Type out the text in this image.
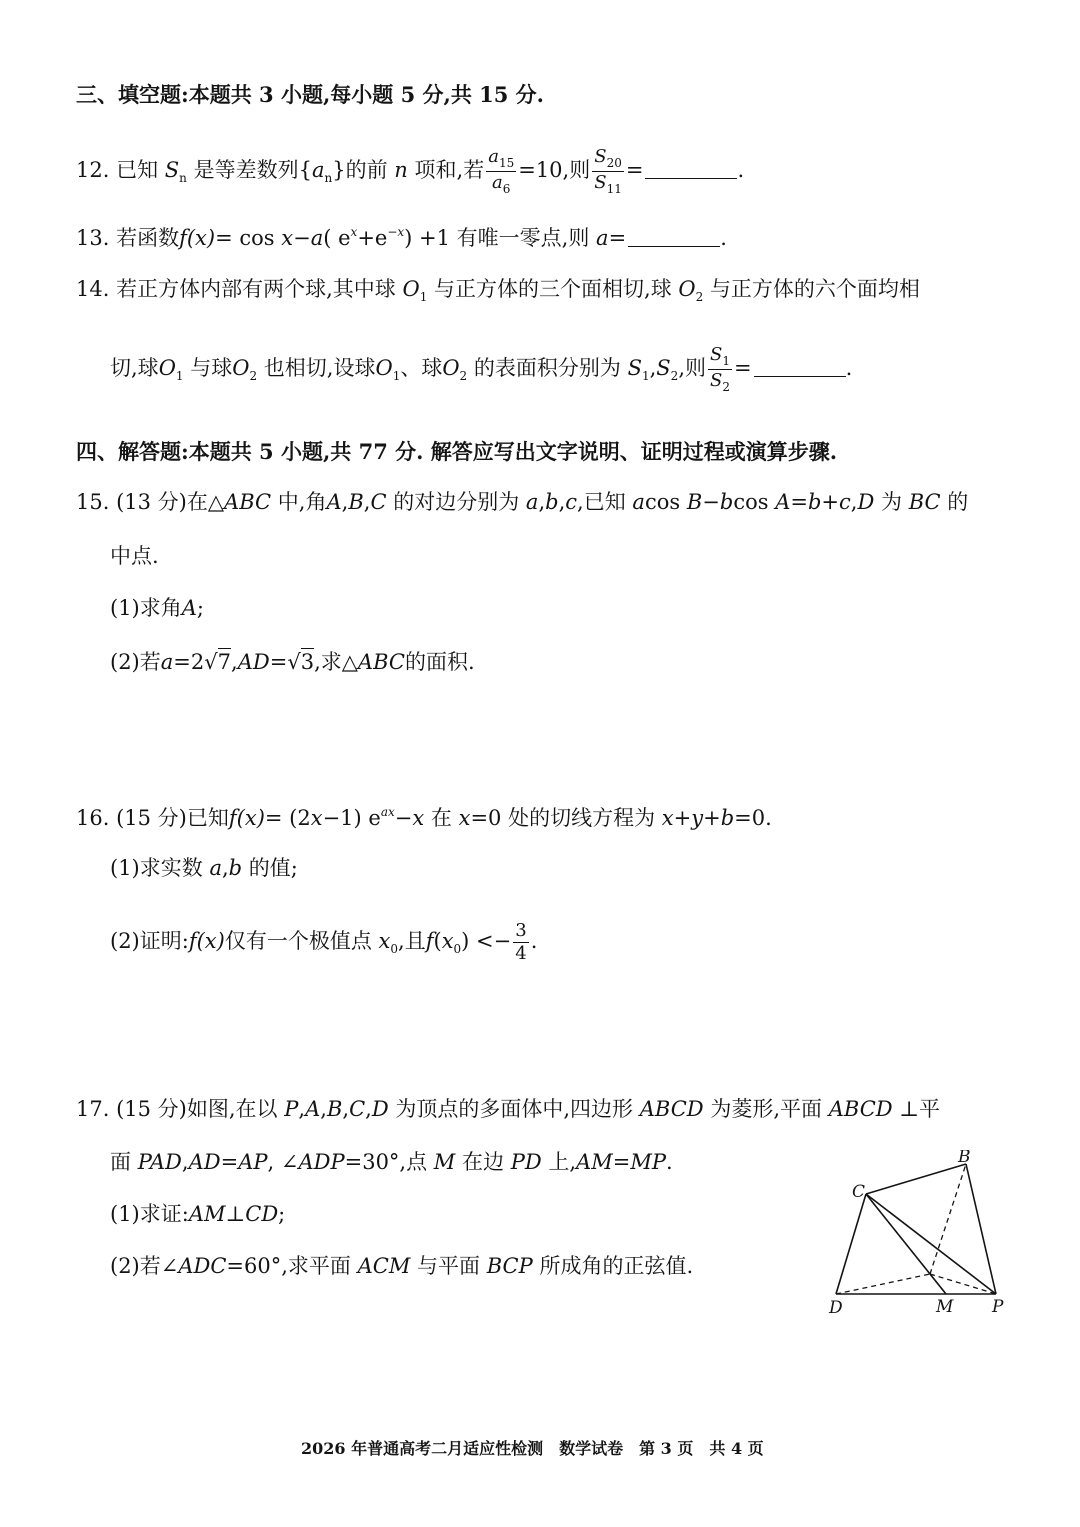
三、填空题:本题共 3 小题,每小题 5 分,共 15 分.
12. 已知 $S_n$ 是等差数列$\{a_n\}$的前 n 项和,若 $\frac{a_{15}}{a_6} =10$,则 $\frac{S_{20}}{S_{11}}$ =	.
13. 若函数f(x)= cos x−a( $e^x+e^{-x}) +1$ 有唯一零点,则 a=	.
14. 若正方体内部有两个球,其中球 $O_1$ 与正方体的三个面相切,球 $O_2$ 与正方体的六个面均相
切,球$O_1$ 与球$O_2$ 也相切,设球$O_1$、球$O_2$ 的表面积分别为 $S_1,S_2$,则 $\frac{S_1}{S_2}$ =	.
四、解答题:本题共 5 小题,共 77 分. 解答应写出文字说明、证明过程或演算步骤.
15. (13 分)在△ABC 中,角A,B,C 的对边分别为 a,b,c,已知 acos B−bcos A=b+c,D 为 BC 的
中点.
(1)求角A;
(2)若a=2√7,AD=√3,求△ABC的面积.
16. (15 分)已知f(x)= (2x−1) $e^{ax}-x$ 在 x=0 处的切线方程为 x+y+b=0.
(1)求实数 a,b 的值;
(2)证明:f(x)仅有一个极值点 $x_0$,且$f(x_0) <- \frac{3}{4}$ .
17. (15 分)如图,在以 P,A,B,C,D 为顶点的多面体中,四边形 ABCD 为菱形,平面 ABCD ⊥平
面 PAD,AD=AP, ∠ADP=30°,点 M 在边 PD 上,AM=MP.
(1)求证:AM⊥CD;
(2)若∠ADC=60°,求平面 ACM 与平面 BCP 所成角的正弦值.
B
C
D	M P
2026 年普通高考二月适应性检测　数学试卷　第 3 页　共 4 页
